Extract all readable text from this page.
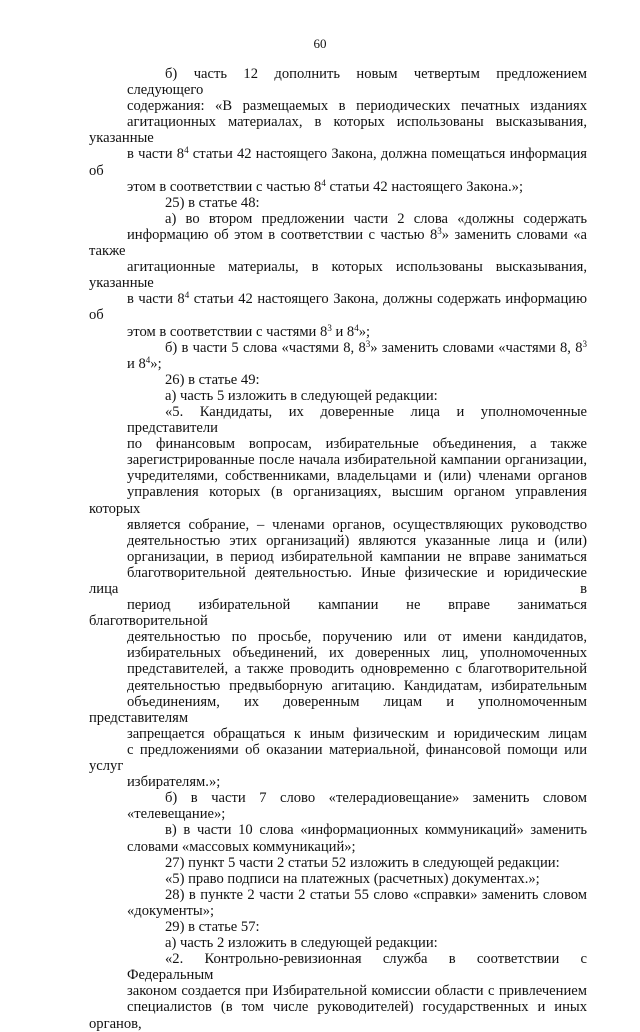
60
б) часть 12 дополнить новым четвертым предложением следующего
содержания: «В размещаемых в периодических печатных изданиях
агитационных материалах, в которых использованы высказывания, указанные
в части $8^4$ статьи 42 настоящего Закона, должна помещаться информация об
этом в соответствии с частью $8^4$ статьи 42 настоящего Закона.»;
25) в статье 48:
а) во втором предложении части 2 слова «должны содержать
информацию об этом в соответствии с частью $8^3$» заменить словами «а также
агитационные материалы, в которых использованы высказывания, указанные
в части $8^4$ статьи 42 настоящего Закона, должны содержать информацию об
этом в соответствии с частями $8^3$ и $8^4$»;
б) в части 5 слова «частями 8, $8^3$» заменить словами «частями 8, $8^3$ и $8^4$»;
26) в статье 49:
а) часть 5 изложить в следующей редакции:
«5. Кандидаты, их доверенные лица и уполномоченные представители
по финансовым вопросам, избирательные объединения, а также
зарегистрированные после начала избирательной кампании организации,
учредителями, собственниками, владельцами и (или) членами органов
управления которых (в организациях, высшим органом управления которых
является собрание, – членами органов, осуществляющих руководство
деятельностью этих организаций) являются указанные лица и (или)
организации, в период избирательной кампании не вправе заниматься
благотворительной деятельностью. Иные физические и юридические лица в
период избирательной кампании не вправе заниматься благотворительной
деятельностью по просьбе, поручению или от имени кандидатов,
избирательных объединений, их доверенных лиц, уполномоченных
представителей, а также проводить одновременно с благотворительной
деятельностью предвыборную агитацию. Кандидатам, избирательным
объединениям, их доверенным лицам и уполномоченным представителям
запрещается обращаться к иным физическим и юридическим лицам
с предложениями об оказании материальной, финансовой помощи или услуг
избирателям.»;
б) в части 7 слово «телерадиовещание» заменить словом «телевещание»;
в) в части 10 слова «информационных коммуникаций» заменить
словами «массовых коммуникаций»;
27) пункт 5 части 2 статьи 52 изложить в следующей редакции:
«5) право подписи на платежных (расчетных) документах.»;
28) в пункте 2 части 2 статьи 55 слово «справки» заменить словом
«документы»;
29) в статье 57:
а) часть 2 изложить в следующей редакции:
«2. Контрольно-ревизионная служба в соответствии с Федеральным
законом создается при Избирательной комиссии области с привлечением
специалистов (в том числе руководителей) государственных и иных органов,
